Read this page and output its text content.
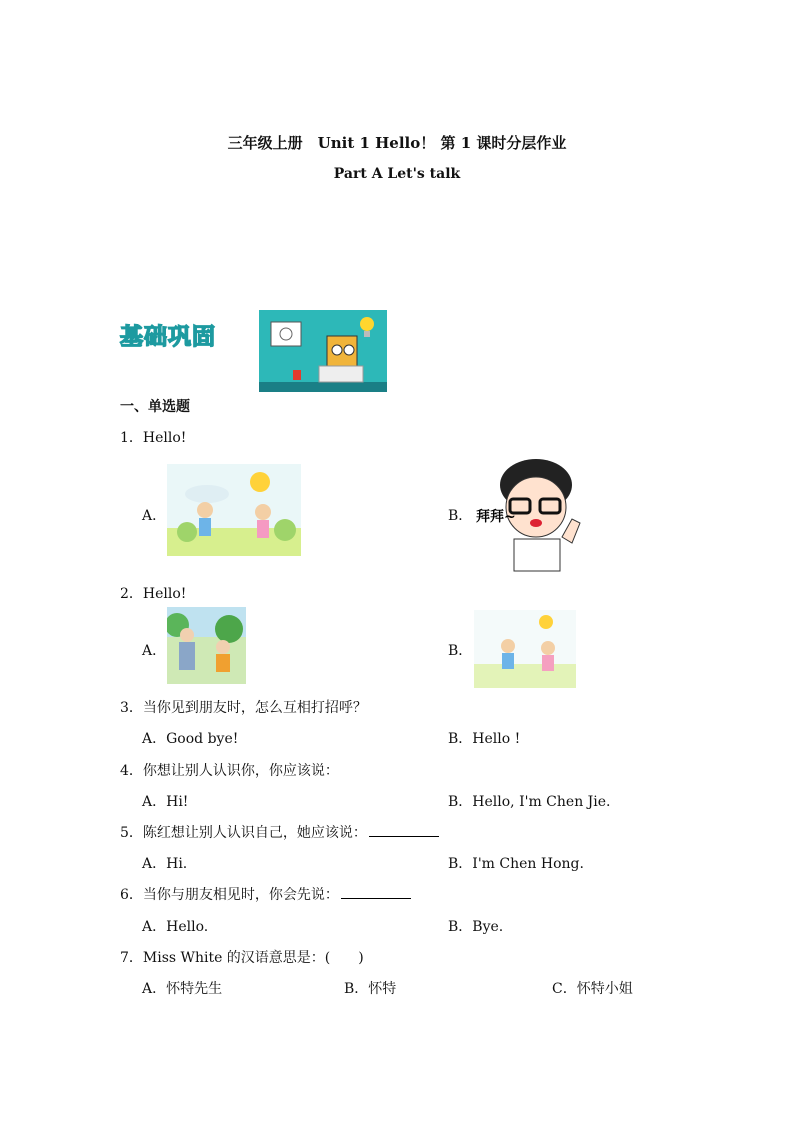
三年级上册　Unit 1 Hello！ 第 1 课时分层作业
Part A Let's talk
基础巩固
一、单选题
1．Hello!
A．	B． 拜拜~
2．Hello!
A．	B．
3．当你见到朋友时，怎么互相打招呼？
A．Good bye!	B．Hello !
4．你想让别人认识你，你应该说：
A．Hi!	B．Hello, I'm Chen Jie.
5．陈红想让别人认识自己，她应该说：
A．Hi.	B．I'm Chen Hong.
6．当你与朋友相见时，你会先说：
A．Hello.	B．Bye.
7．Miss White 的汉语意思是：(　　)
A．怀特先生	B．怀特	C．怀特小姐
